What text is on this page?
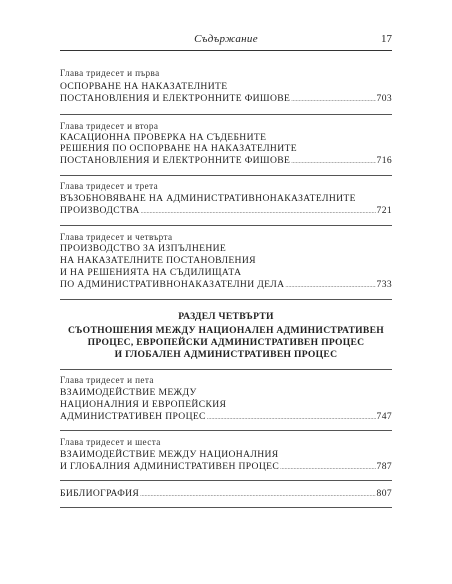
Съдържание	17
Глава тридесет и първа
ОСПОРВАНЕ НА НАКАЗАТЕЛНИТЕ
ПОСТАНОВЛЕНИЯ И ЕЛЕКТРОННИТЕ ФИШОВЕ .....	703
Глава тридесет и втора
КАСАЦИОННА ПРОВЕРКА НА СЪДЕБНИТЕ
РЕШЕНИЯ ПО ОСПОРВАНЕ НА НАКАЗАТЕЛНИТЕ
ПОСТАНОВЛЕНИЯ И ЕЛЕКТРОННИТЕ ФИШОВЕ .....	716
Глава тридесет и трета
ВЪЗОБНОВЯВАНЕ НА АДМИНИСТРАТИВНОНАКАЗАТЕЛНИТЕ
ПРОИЗВОДСТВА .....	721
Глава тридесет и четвърта
ПРОИЗВОДСТВО ЗА ИЗПЪЛНЕНИЕ
НА НАКАЗАТЕЛНИТЕ ПОСТАНОВЛЕНИЯ
И НА РЕШЕНИЯТА НА СЪДИЛИЩАТА
ПО АДМИНИСТРАТИВНОНАКАЗАТЕЛНИ ДЕЛА .....	733
РАЗДЕЛ ЧЕТВЪРТИ
СЪОТНОШЕНИЯ МЕЖДУ НАЦИОНАЛЕН АДМИНИСТРАТИВЕН
ПРОЦЕС, ЕВРОПЕЙСКИ АДМИНИСТРАТИВЕН ПРОЦЕС
И ГЛОБАЛЕН АДМИНИСТРАТИВЕН ПРОЦЕС
Глава тридесет и пета
ВЗАИМОДЕЙСТВИЕ МЕЖДУ
НАЦИОНАЛНИЯ И ЕВРОПЕЙСКИЯ
АДМИНИСТРАТИВЕН ПРОЦЕС .....	747
Глава тридесет и шеста
ВЗАИМОДЕЙСТВИЕ МЕЖДУ НАЦИОНАЛНИЯ
И ГЛОБАЛНИЯ АДМИНИСТРАТИВЕН ПРОЦЕС .....	787
БИБЛИОГРАФИЯ .....	807
